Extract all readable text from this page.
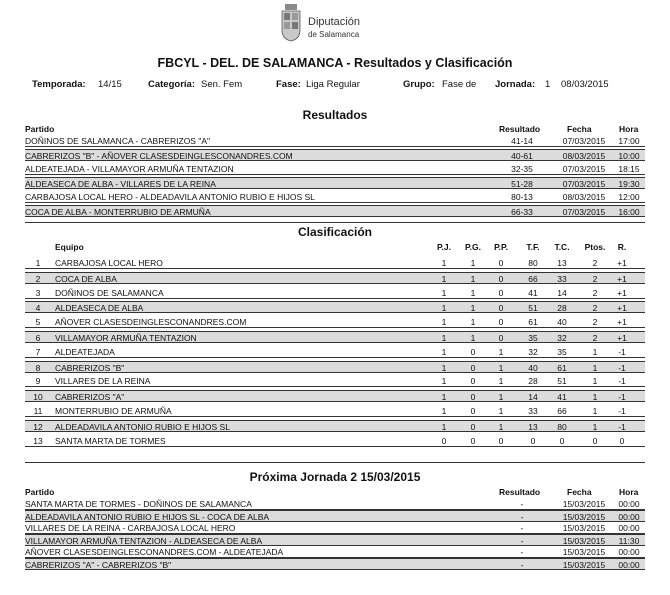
Diputación
de Salamanca
FBCYL - DEL. DE SALAMANCA - Resultados y Clasificación
Temporada: 14/15	Categoría: Sen. Fem	Fase: Liga Regular	Grupo: Fase de Jornada: 1 08/03/2015
Resultados
Partido	Resultado	Fecha	Hora
DOÑINOS DE SALAMANCA - CABRERIZOS "A"	41-14	07/03/2015	17:00
CABRERIZOS "B" - AÑOVER CLASESDEINGLESCONANDRES.COM	40-61	08/03/2015	10:00
ALDEATEJADA - VILLAMAYOR ARMUÑA TENTAZION	32-35	07/03/2015	18:15
ALDEASECA DE ALBA - VILLARES DE LA REINA	51-28	07/03/2015	19:30
CARBAJOSA LOCAL HERO - ALDEADAVILA ANTONIO RUBIO E HIJOS SL	80-13	08/03/2015	12:00
COCA DE ALBA - MONTERRUBIO DE ARMUÑA	66-33	07/03/2015	16:00
Clasificación
Equipo	P.J.	P.G.	P.P.	T.F.	T.C.	Ptos.	R.
1	CARBAJOSA LOCAL HERO	1	1	0	80	13	2	+1
2	COCA DE ALBA	1	1	0	66	33	2	+1
3	DOÑINOS DE SALAMANCA	1	1	0	41	14	2	+1
4	ALDEASECA DE ALBA	1	1	0	51	28	2	+1
5	AÑOVER CLASESDEINGLESCONANDRES.COM	1	1	0	61	40	2	+1
6	VILLAMAYOR ARMUÑA TENTAZION	1	1	0	35	32	2	+1
7	ALDEATEJADA	1	0	1	32	35	1	-1
8	CABRERIZOS "B"	1	0	1	40	61	1	-1
9	VILLARES DE LA REINA	1	0	1	28	51	1	-1
10	CABRERIZOS "A"	1	0	1	14	41	1	-1
11	MONTERRUBIO DE ARMUÑA	1	0	1	33	66	1	-1
12	ALDEADAVILA ANTONIO RUBIO E HIJOS SL	1	0	1	13	80	1	-1
13	SANTA MARTA DE TORMES	0	0	0	0	0	0	0
Próxima Jornada 2 15/03/2015
Partido	Resultado	Fecha	Hora
SANTA MARTA DE TORMES - DOÑINOS DE SALAMANCA	-	15/03/2015	00:00
ALDEADAVILA ANTONIO RUBIO E HIJOS SL - COCA DE ALBA	-	15/03/2015	00:00
VILLARES DE LA REINA - CARBAJOSA LOCAL HERO	-	15/03/2015	00:00
VILLAMAYOR ARMUÑA TENTAZION - ALDEASECA DE ALBA	-	15/03/2015	11:30
AÑOVER CLASESDEINGLESCONANDRES.COM - ALDEATEJADA	-	15/03/2015	00:00
CABRERIZOS "A" - CABRERIZOS "B"	-	15/03/2015	00:00
